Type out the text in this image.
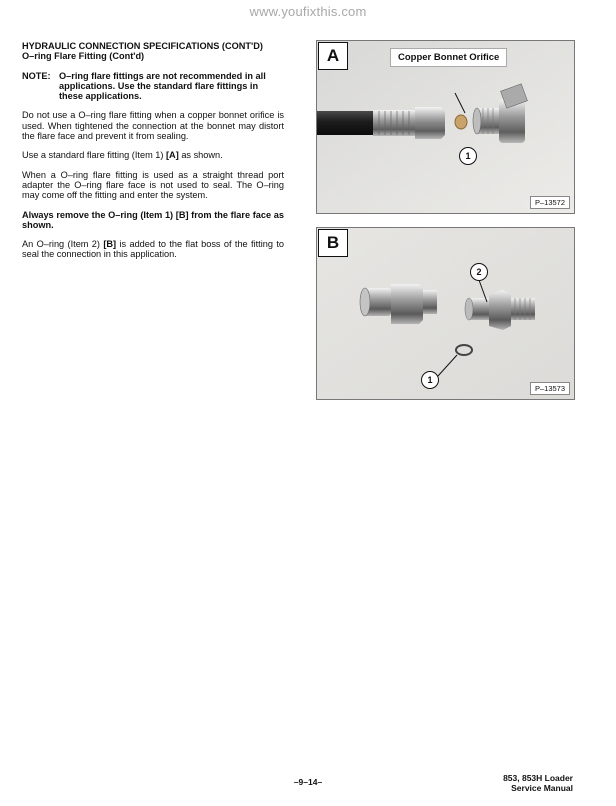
www.youfixthis.com
HYDRAULIC CONNECTION SPECIFICATIONS (CONT'D)
O–ring Flare Fitting (Cont'd)
NOTE: O–ring flare fittings are not recommended in all applications. Use the standard flare fittings in these applications.
Do not use a O–ring flare fitting when a copper bonnet orifice is used. When tightened the connection at the bonnet may distort the flare face and prevent it from sealing.
Use a standard flare fitting (Item 1) [A] as shown.
When a O–ring flare fitting is used as a straight thread port adapter the O–ring flare face is not used to seal. The O–ring may come off the fitting and enter the system.
Always remove the O–ring (Item 1) [B] from the flare face as shown.
An O–ring (Item 2) [B] is added to the flat boss of the fitting to seal the connection in this application.
A	Copper Bonnet Orifice
1
P–13572
B
2
1
P–13573
–9–14–	853, 853H Loader
Service Manual
